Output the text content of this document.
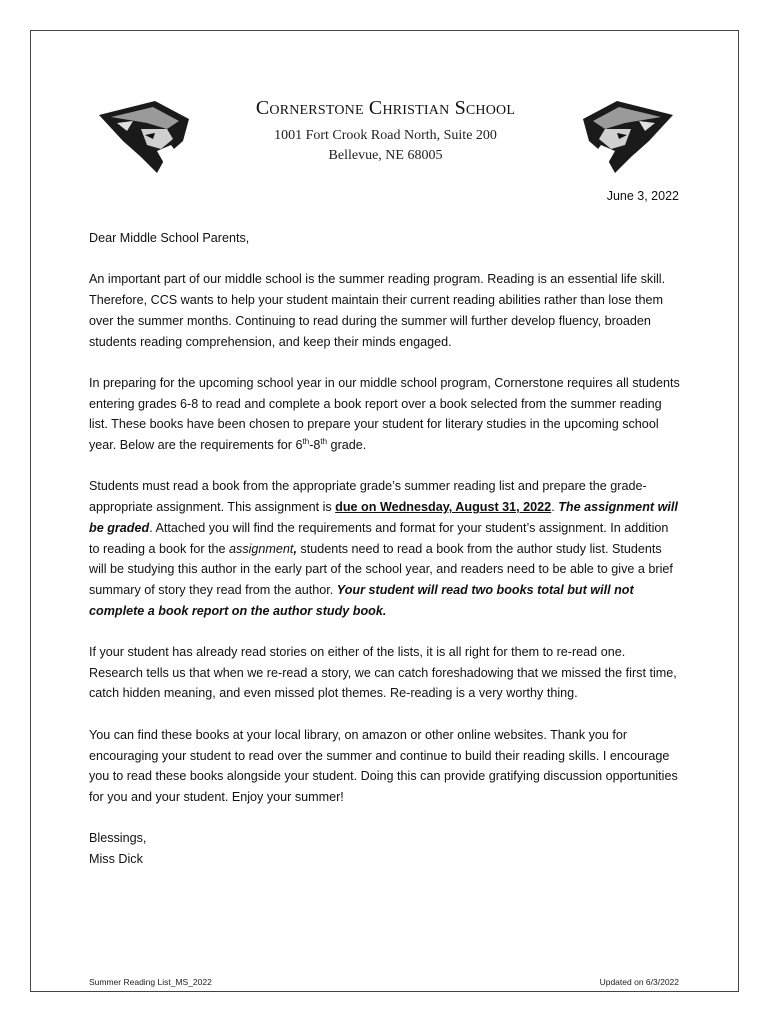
Cornerstone Christian School
1001 Fort Crook Road North, Suite 200
Bellevue, NE 68005
June 3, 2022

Dear Middle School Parents,

An important part of our middle school is the summer reading program. Reading is an essential life skill. Therefore, CCS wants to help your student maintain their current reading abilities rather than lose them over the summer months. Continuing to read during the summer will further develop fluency, broaden students reading comprehension, and keep their minds engaged.

In preparing for the upcoming school year in our middle school program, Cornerstone requires all students entering grades 6-8 to read and complete a book report over a book selected from the summer reading list. These books have been chosen to prepare your student for literary studies in the upcoming school year. Below are the requirements for 6th-8th grade.

Students must read a book from the appropriate grade’s summer reading list and prepare the grade-appropriate assignment. This assignment is due on Wednesday, August 31, 2022. The assignment will be graded. Attached you will find the requirements and format for your student’s assignment. In addition to reading a book for the assignment, students need to read a book from the author study list. Students will be studying this author in the early part of the school year, and readers need to be able to give a brief summary of story they read from the author. Your student will read two books total but will not complete a book report on the author study book.

If your student has already read stories on either of the lists, it is all right for them to re-read one. Research tells us that when we re-read a story, we can catch foreshadowing that we missed the first time, catch hidden meaning, and even missed plot themes. Re-reading is a very worthy thing.

You can find these books at your local library, on amazon or other online websites. Thank you for encouraging your student to read over the summer and continue to build their reading skills. I encourage you to read these books alongside your student. Doing this can provide gratifying discussion opportunities for you and your student. Enjoy your summer!

Blessings,
Miss Dick

Summer Reading List_MS_2022	Updated on 6/3/2022
